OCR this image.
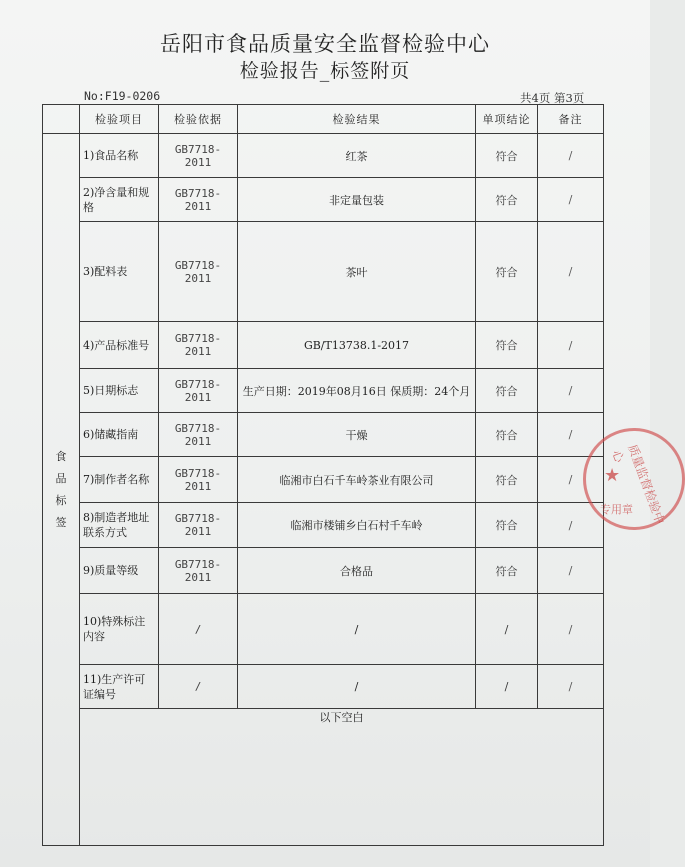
岳阳市食品质量安全监督检验中心
检验报告_标签附页
No:F19-0206	共4页 第3页
	检验项目	检验依据	检验结果	单项结论	备注

食
品
标
签	1)食品名称	GB7718-2011	红茶	符合	/
	2)净含量和规格	GB7718-2011	非定量包装	符合	/
	3)配料表	GB7718-2011	茶叶	符合	/
	4)产品标准号	GB7718-2011	GB/T13738.1-2017	符合	/
	5)日期标志	GB7718-2011	生产日期：2019年08月16日 保质期：24个月	符合	/
	6)储藏指南	GB7718-2011	干燥	符合	/
	7)制作者名称	GB7718-2011	临湘市白石千车岭茶业有限公司	符合	/
	8)制造者地址联系方式	GB7718-2011	临湘市楼铺乡白石村千车岭	符合	/
	9)质量等级	GB7718-2011	合格品	符合	/
	10)特殊标注内容	/	/	/	/
	11)生产许可证编号	/	/	/	/
	以下空白				
★ 质量监督检验中心
专用章
